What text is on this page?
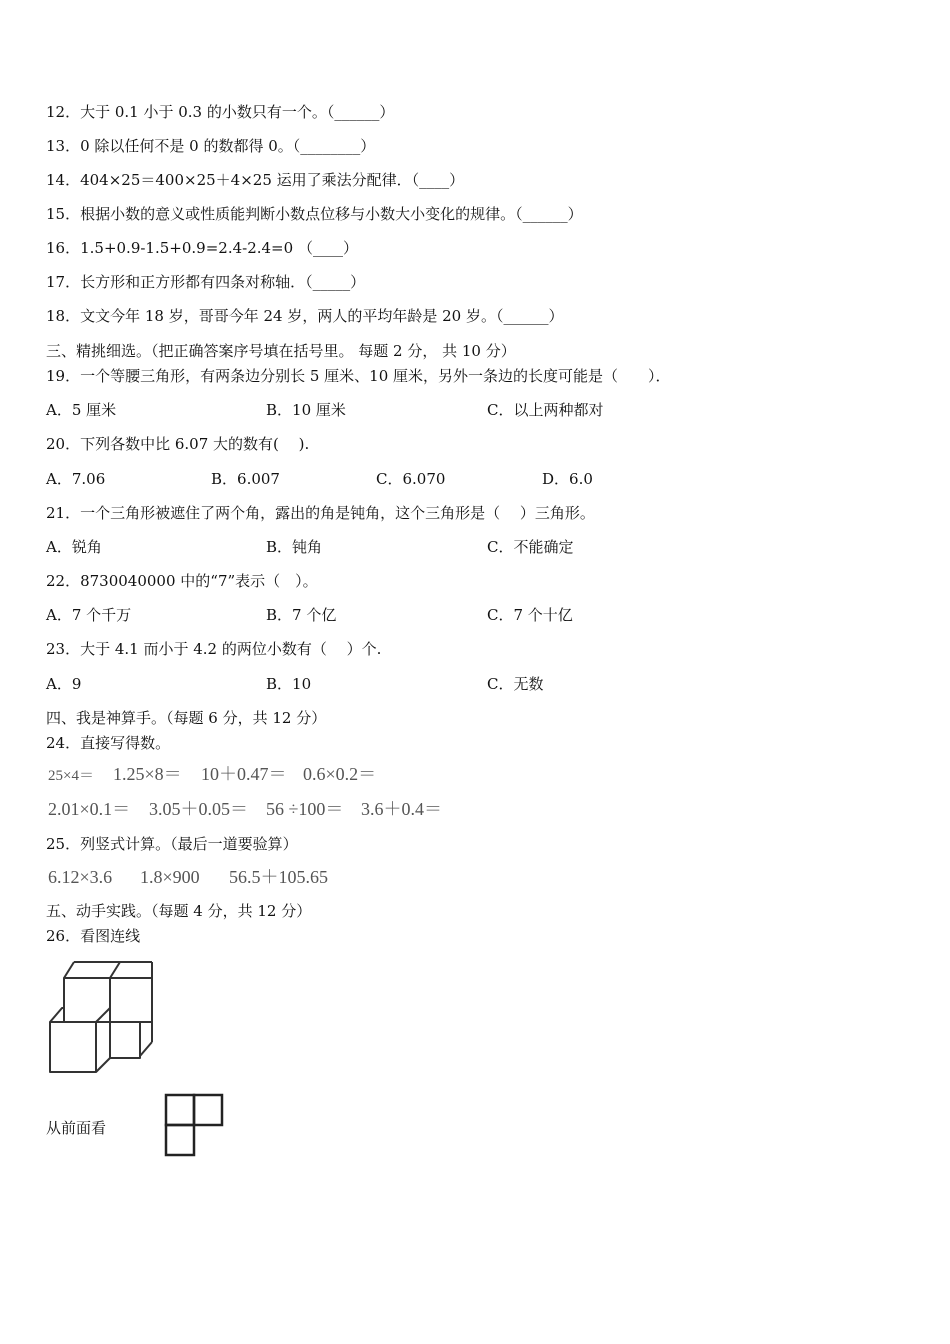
12．大于 0.1 小于 0.3 的小数只有一个。（______）
13．0 除以任何不是 0 的数都得 0。（________）
14．404×25＝400×25＋4×25 运用了乘法分配律．（____）
15．根据小数的意义或性质能判断小数点位移与小数大小变化的规律。（______）
16．1.5+0.9-1.5+0.9=2.4-2.4=0 （____）
17．长方形和正方形都有四条对称轴．（_____）
18．文文今年 18 岁，哥哥今年 24 岁，两人的平均年龄是 20 岁。（______）
三、精挑细选。（把正确答案序号填在括号里。 每题 2 分， 共 10 分）
19．一个等腰三角形，有两条边分别长 5 厘米、10 厘米，另外一条边的长度可能是（　　）．
A．5 厘米	B．10 厘米	C．以上两种都对
20．下列各数中比 6.07 大的数有(　 ).
A．7.06	B．6.007	C．6.070	D．6.0
21．一个三角形被遮住了两个角，露出的角是钝角，这个三角形是（　 ）三角形。
A．锐角	B．钝角	C．不能确定
22．8730040000 中的“7”表示（　）。
A．7 个千万	B．7 个亿	C．7 个十亿
23．大于 4.1 而小于 4.2 的两位小数有（　 ）个.
A．9	B．10	C．无数
四、我是神算手。（每题 6 分，共 12 分）
24．直接写得数。
25×4＝ 1.25×8＝ 10＋0.47＝ 0.6×0.2＝
2.01×0.1＝ 3.05＋0.05＝ 56 ÷100＝ 3.6＋0.4＝
25．列竖式计算。（最后一道要验算）
6.12×3.6 1.8×900 56.5＋105.65
五、动手实践。（每题 4 分，共 12 分）
26．看图连线
从前面看
